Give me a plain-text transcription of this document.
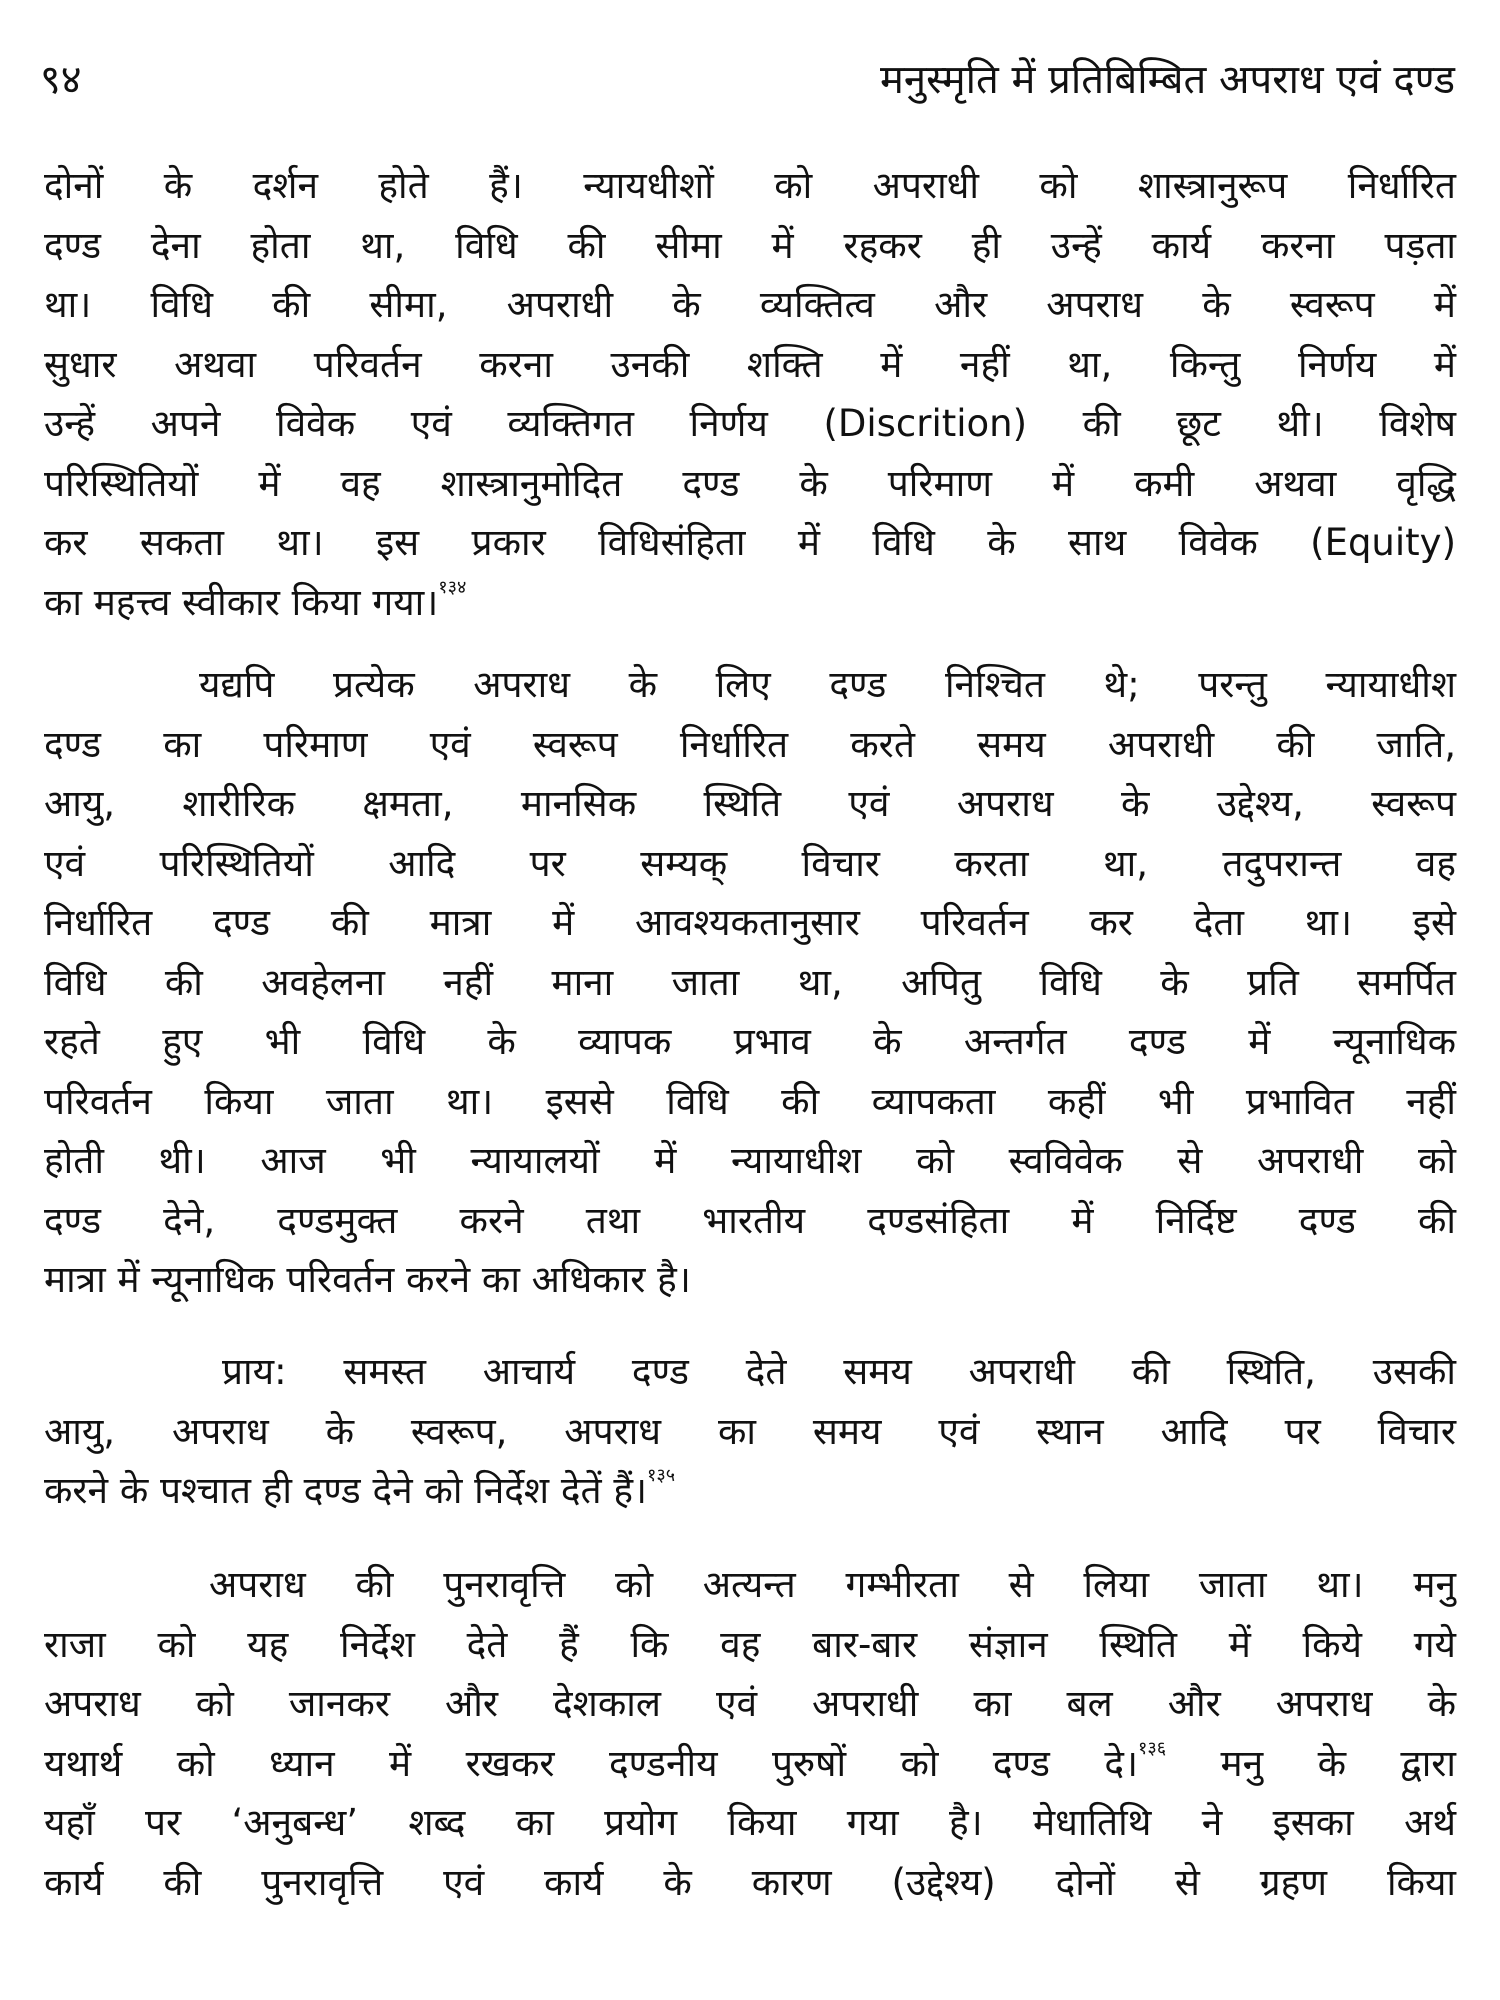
९४	मनुस्मृति में प्रतिबिम्बित अपराध एवं दण्ड
दोनों के दर्शन होते हैं। न्यायधीशों को अपराधी को शास्त्रानुरूप निर्धारित
दण्ड देना होता था, विधि की सीमा में रहकर ही उन्हें कार्य करना पड़ता
था। विधि की सीमा, अपराधी के व्यक्तित्व और अपराध के स्वरूप में
सुधार अथवा परिवर्तन करना उनकी शक्ति में नहीं था, किन्तु निर्णय में
उन्हें अपने विवेक एवं व्यक्तिगत निर्णय (Discrition) की छूट थी। विशेष
परिस्थितियों में वह शास्त्रानुमोदित दण्ड के परिमाण में कमी अथवा वृद्धि
कर सकता था। इस प्रकार विधिसंहिता में विधि के साथ विवेक (Equity)
का महत्त्व स्वीकार किया गया।$^{१३४}$
यद्यपि प्रत्येक अपराध के लिए दण्ड निश्चित थे; परन्तु न्यायाधीश
दण्ड का परिमाण एवं स्वरूप निर्धारित करते समय अपराधी की जाति,
आयु, शारीरिक क्षमता, मानसिक स्थिति एवं अपराध के उद्देश्य, स्वरूप
एवं परिस्थितियों आदि पर सम्यक् विचार करता था, तदुपरान्त वह
निर्धारित दण्ड की मात्रा में आवश्यकतानुसार परिवर्तन कर देता था। इसे
विधि की अवहेलना नहीं माना जाता था, अपितु विधि के प्रति समर्पित
रहते हुए भी विधि के व्यापक प्रभाव के अन्तर्गत दण्ड में न्यूनाधिक
परिवर्तन किया जाता था। इससे विधि की व्यापकता कहीं भी प्रभावित नहीं
होती थी। आज भी न्यायालयों में न्यायाधीश को स्वविवेक से अपराधी को
दण्ड देने, दण्डमुक्त करने तथा भारतीय दण्डसंहिता में निर्दिष्ट दण्ड की
मात्रा में न्यूनाधिक परिवर्तन करने का अधिकार है।
प्राय: समस्त आचार्य दण्ड देते समय अपराधी की स्थिति, उसकी
आयु, अपराध के स्वरूप, अपराध का समय एवं स्थान आदि पर विचार
करने के पश्चात ही दण्ड देने को निर्देश देतें हैं।$^{१३५}$
अपराध की पुनरावृत्ति को अत्यन्त गम्भीरता से लिया जाता था। मनु
राजा को यह निर्देश देते हैं कि वह बार-बार संज्ञान स्थिति में किये गये
अपराध को जानकर और देशकाल एवं अपराधी का बल और अपराध के
यथार्थ को ध्यान में रखकर दण्डनीय पुरुषों को दण्ड दे।$^{१३६}$ मनु के द्वारा
यहाँ पर ‘अनुबन्ध’ शब्द का प्रयोग किया गया है। मेधातिथि ने इसका अर्थ
कार्य की पुनरावृत्ति एवं कार्य के कारण (उद्देश्य) दोनों से ग्रहण किया
